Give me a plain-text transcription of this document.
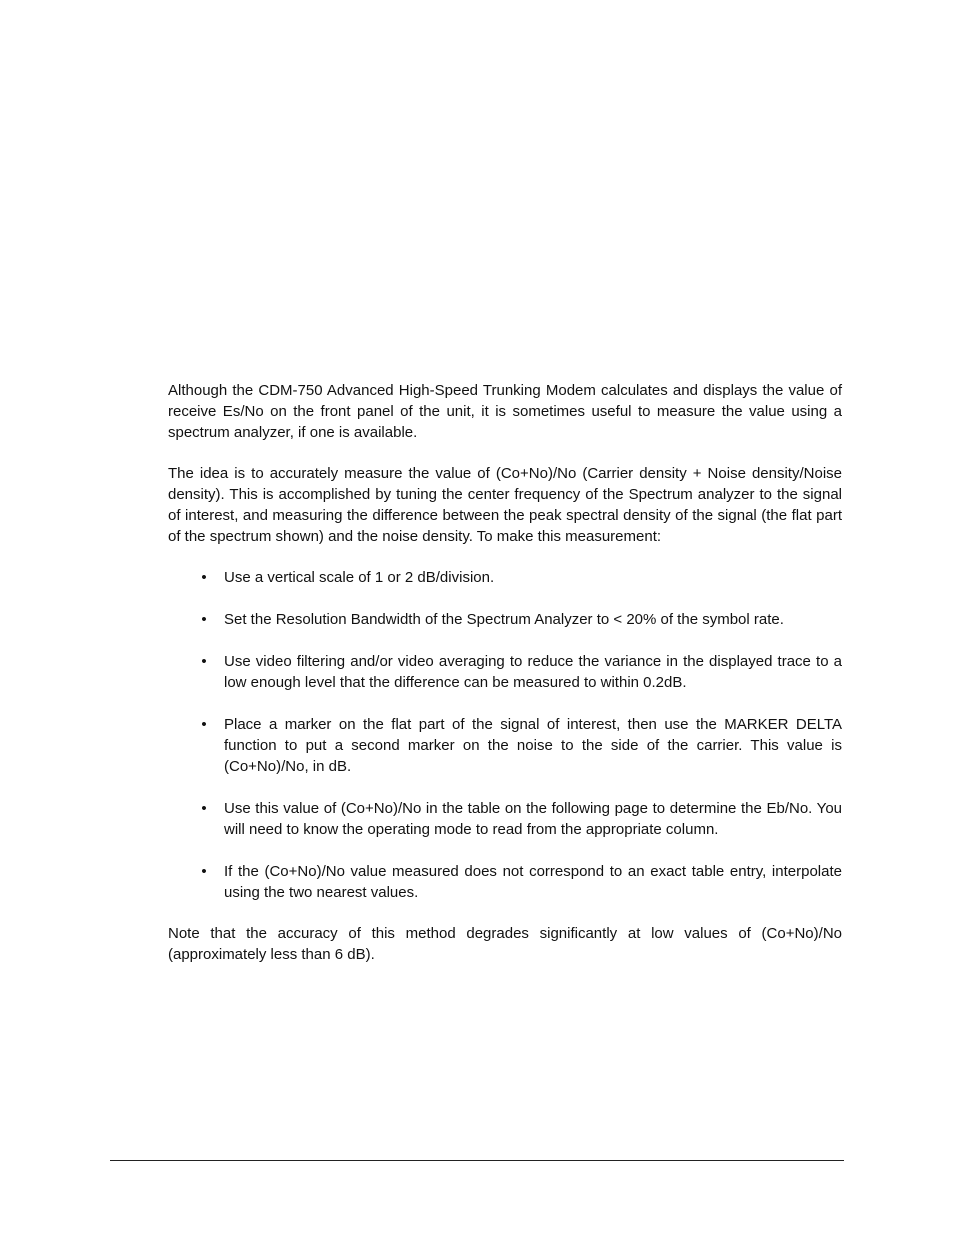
Although the CDM-750 Advanced High-Speed Trunking Modem calculates and displays the value of receive Es/No on the front panel of the unit, it is sometimes useful to measure the value using a spectrum analyzer, if one is available.

The idea is to accurately measure the value of (Co+No)/No (Carrier density + Noise density/Noise density). This is accomplished by tuning the center frequency of the Spectrum analyzer to the signal of interest, and measuring the difference between the peak spectral density of the signal (the flat part of the spectrum shown) and the noise density. To make this measurement:

• Use a vertical scale of 1 or 2 dB/division.
• Set the Resolution Bandwidth of the Spectrum Analyzer to < 20% of the symbol rate.
• Use video filtering and/or video averaging to reduce the variance in the displayed trace to a low enough level that the difference can be measured to within 0.2dB.
• Place a marker on the flat part of the signal of interest, then use the MARKER DELTA function to put a second marker on the noise to the side of the carrier. This value is (Co+No)/No, in dB.
• Use this value of (Co+No)/No in the table on the following page to determine the Eb/No. You will need to know the operating mode to read from the appropriate column.
• If the (Co+No)/No value measured does not correspond to an exact table entry, interpolate using the two nearest values.

Note that the accuracy of this method degrades significantly at low values of (Co+No)/No (approximately less than 6 dB).
